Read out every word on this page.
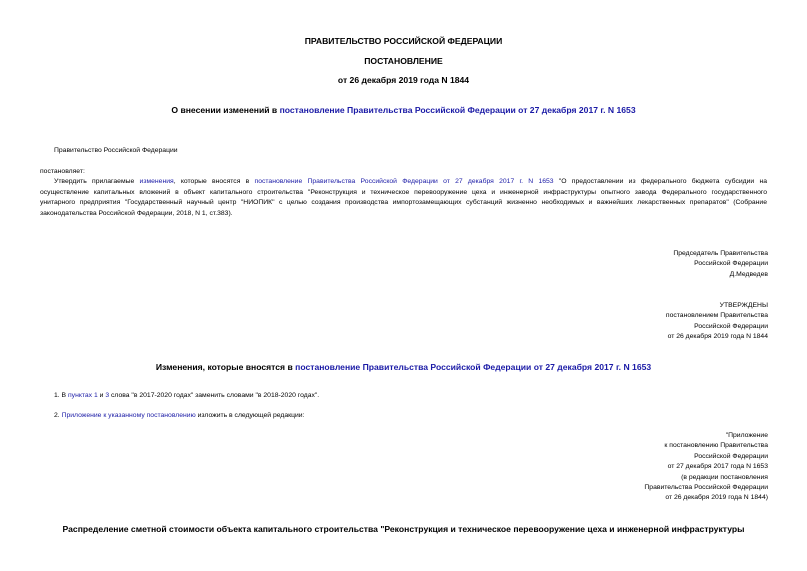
ПРАВИТЕЛЬСТВО РОССИЙСКОЙ ФЕДЕРАЦИИ
ПОСТАНОВЛЕНИЕ
от 26 декабря 2019 года N 1844
О внесении изменений в постановление Правительства Российской Федерации от 27 декабря 2017 г. N 1653
Правительство Российской Федерации
постановляет:
Утвердить прилагаемые изменения, которые вносятся в постановление Правительства Российской Федерации от 27 декабря 2017 г. N 1653 "О предоставлении из федерального бюджета субсидии на
осуществление капитальных вложений в объект капитального строительства "Реконструкция и техническое перевооружение цеха и инженерной инфраструктуры опытного завода Федерального государственного
унитарного предприятия "Государственный научный центр "НИОПИК" с целью создания производства импортозамещающих субстанций жизненно необходимых и важнейших лекарственных препаратов" (Собрание
законодательства Российской Федерации, 2018, N 1, ст.383).
Председатель Правительства
Российской Федерации
Д.Медведев
УТВЕРЖДЕНЫ
постановлением Правительства
Российской Федерации
от 26 декабря 2019 года N 1844
Изменения, которые вносятся в постановление Правительства Российской Федерации от 27 декабря 2017 г. N 1653
1. В пунктах 1 и 3 слова "в 2017-2020 годах" заменить словами "в 2018-2020 годах".
2. Приложение к указанному постановлению изложить в следующей редакции:
"Приложение
к постановлению Правительства
Российской Федерации
от 27 декабря 2017 года N 1653
(в редакции постановления
Правительства Российской Федерации
от 26 декабря 2019 года N 1844)
Распределение сметной стоимости объекта капитального строительства "Реконструкция и техническое перевооружение цеха и инженерной инфраструктуры
